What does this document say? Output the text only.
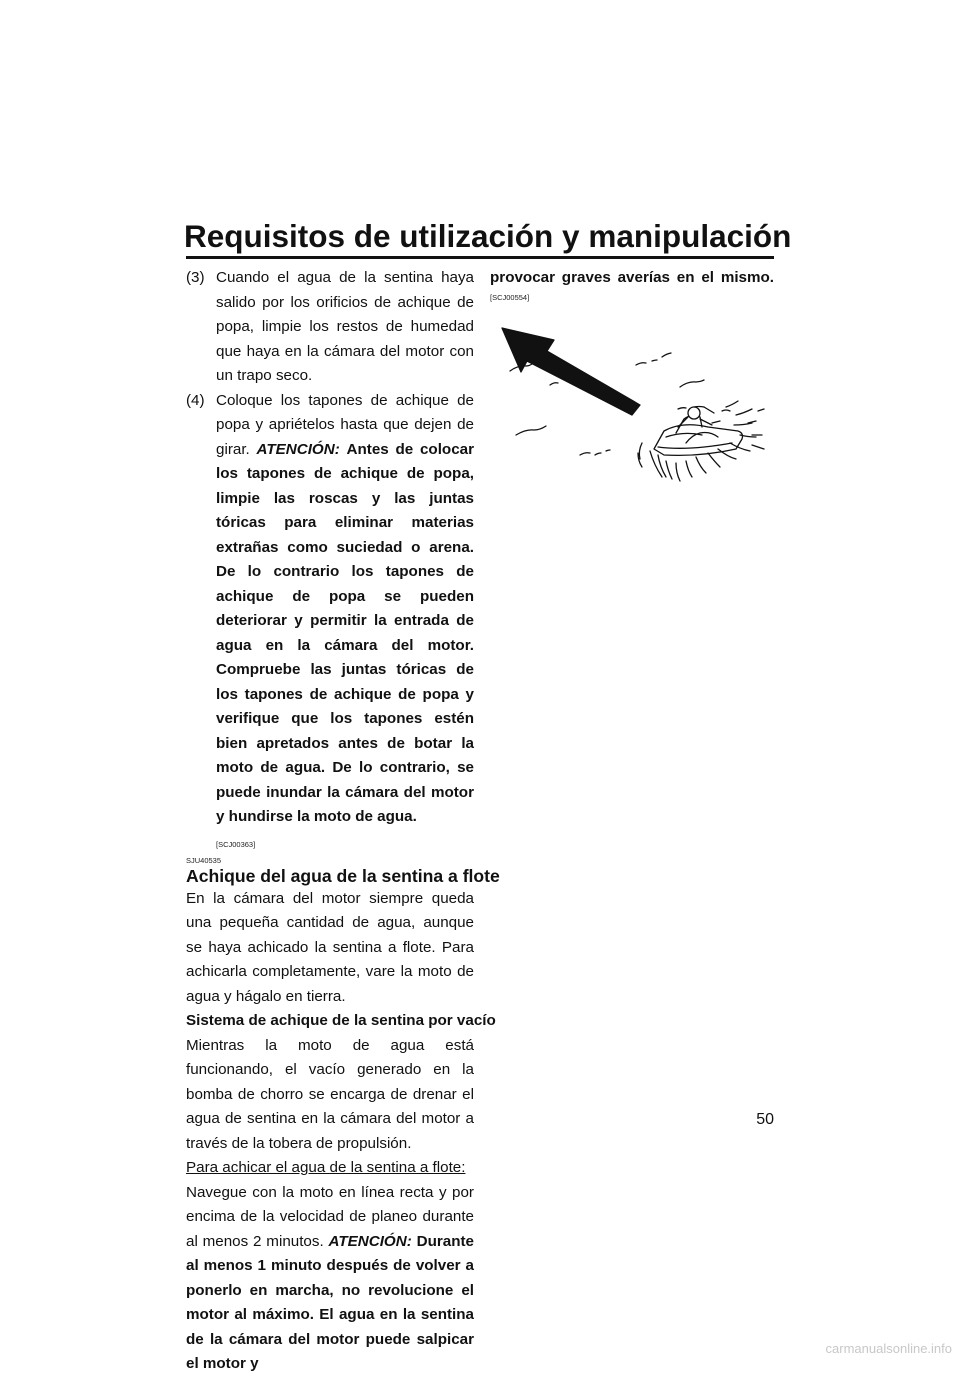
Requisitos de utilización y manipulación
(3) Cuando el agua de la sentina haya salido por los orificios de achique de popa, limpie los restos de humedad que haya en la cámara del motor con un trapo seco.
(4) Coloque los tapones de achique de popa y apriételos hasta que dejen de girar. ATENCIÓN: Antes de colocar los tapones de achique de popa, limpie las roscas y las juntas tóricas para eliminar materias extrañas como suciedad o arena. De lo contrario los tapones de achique de popa se pueden deteriorar y permitir la entrada de agua en la cámara del motor. Compruebe las juntas tóricas de los tapones de achique de popa y verifique que los tapones estén bien apretados antes de botar la moto de agua. De lo contrario, se puede inundar la cámara del motor y hundirse la moto de agua.
[SCJ00363]
SJU40535
Achique del agua de la sentina a flote
En la cámara del motor siempre queda una pequeña cantidad de agua, aunque se haya achicado la sentina a flote. Para achicarla completamente, vare la moto de agua y hágalo en tierra.
Sistema de achique de la sentina por vacío
Mientras la moto de agua está funcionando, el vacío generado en la bomba de chorro se encarga de drenar el agua de sentina en la cámara del motor a través de la tobera de propulsión.
Para achicar el agua de la sentina a flote:
Navegue con la moto en línea recta y por encima de la velocidad de planeo durante al menos 2 minutos. ATENCIÓN: Durante al menos 1 minuto después de volver a ponerlo en marcha, no revolucione el motor al máximo. El agua en la sentina de la cámara del motor puede salpicar el motor y
provocar graves averías en el mismo.
[SCJ00554]
50
carmanualsonline.info
